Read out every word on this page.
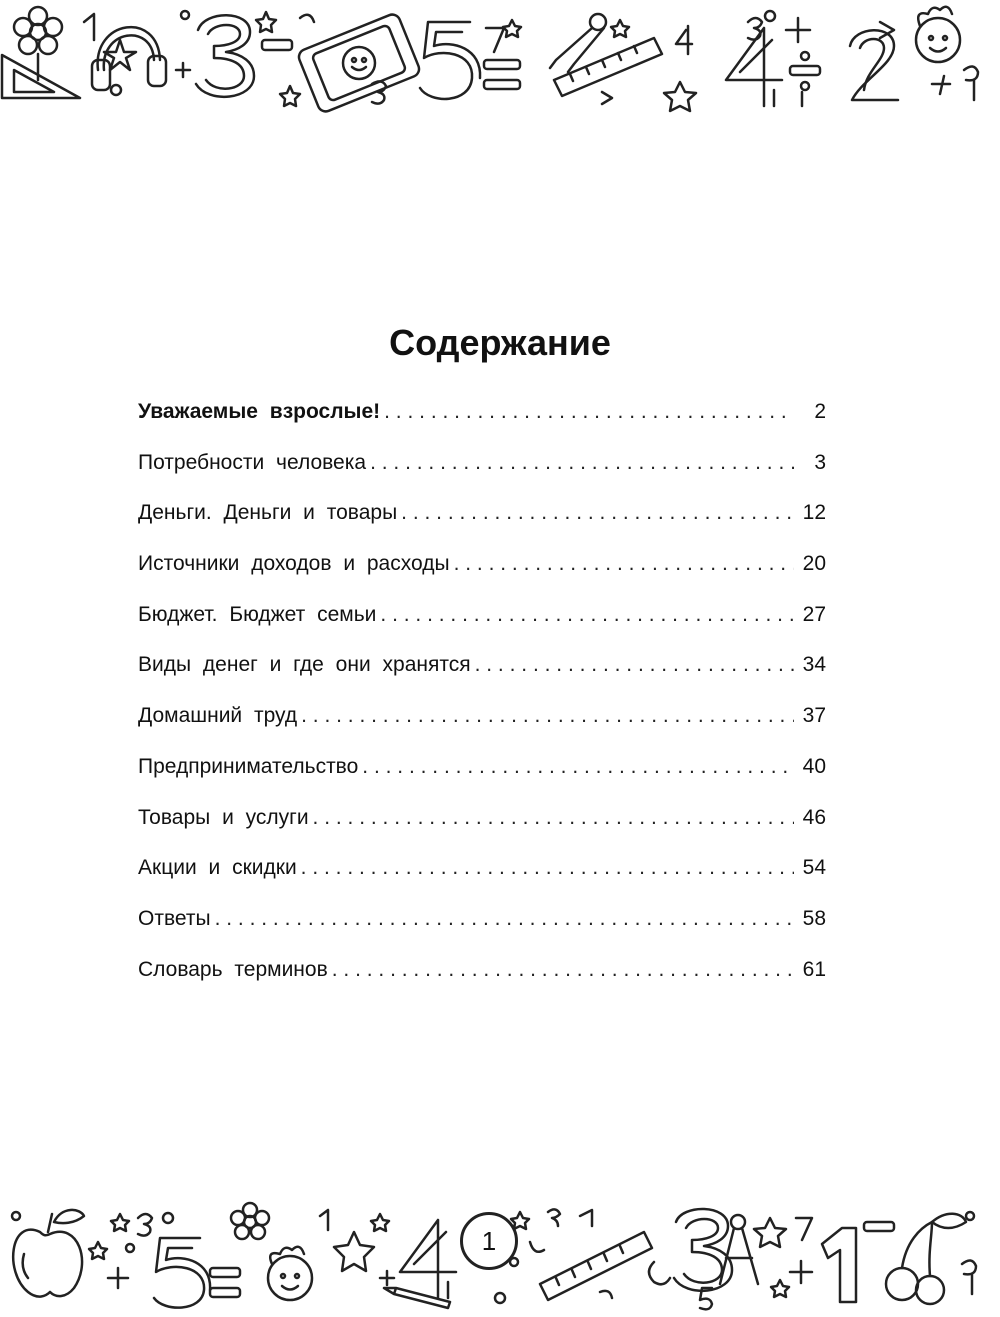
Содержание
Уважаемые взрослые! . . .	2
Потребности человека . . .	3
Деньги. Деньги и товары . . .	12
Источники доходов и расходы . . .	20
Бюджет. Бюджет семьи . . .	27
Виды денег и где они хранятся . . .	34
Домашний труд . . .	37
Предпринимательство . . .	40
Товары и услуги . . .	46
Акции и скидки . . .	54
Ответы . . .	58
Словарь терминов . . .	61
1
